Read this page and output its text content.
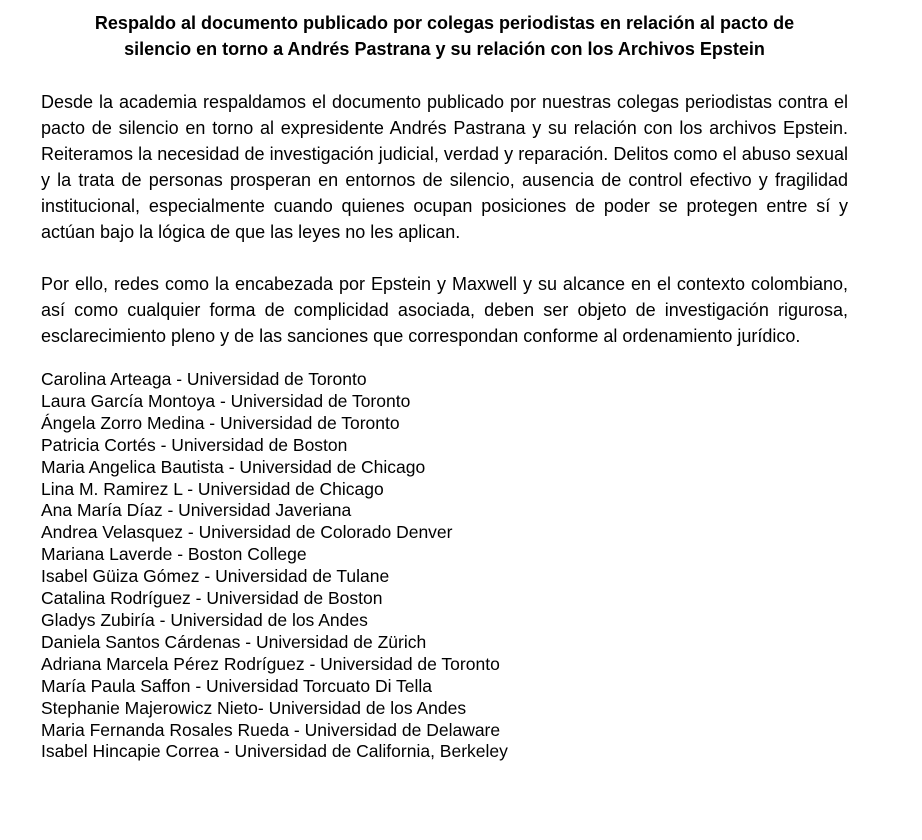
Respaldo al documento publicado por colegas periodistas en relación al pacto de
silencio en torno a Andrés Pastrana y su relación con los Archivos Epstein

Desde la academia respaldamos el documento publicado por nuestras colegas periodistas contra el pacto de silencio en torno al expresidente Andrés Pastrana y su relación con los archivos Epstein. Reiteramos la necesidad de investigación judicial, verdad y reparación. Delitos como el abuso sexual y la trata de personas prosperan en entornos de silencio, ausencia de control efectivo y fragilidad institucional, especialmente cuando quienes ocupan posiciones de poder se protegen entre sí y actúan bajo la lógica de que las leyes no les aplican.

Por ello, redes como la encabezada por Epstein y Maxwell y su alcance en el contexto colombiano, así como cualquier forma de complicidad asociada, deben ser objeto de investigación rigurosa, esclarecimiento pleno y de las sanciones que correspondan conforme al ordenamiento jurídico.

Carolina Arteaga - Universidad de Toronto
Laura García Montoya - Universidad de Toronto
Ángela Zorro Medina - Universidad de Toronto
Patricia Cortés - Universidad de Boston
Maria Angelica Bautista - Universidad de Chicago
Lina M. Ramirez L - Universidad de Chicago
Ana María Díaz - Universidad Javeriana
Andrea Velasquez - Universidad de Colorado Denver
Mariana Laverde - Boston College
Isabel Güiza Gómez - Universidad de Tulane
Catalina Rodríguez - Universidad de Boston
Gladys Zubiría - Universidad de los Andes
Daniela Santos Cárdenas - Universidad de Zürich
Adriana Marcela Pérez Rodríguez - Universidad de Toronto
María Paula Saffon - Universidad Torcuato Di Tella
Stephanie Majerowicz Nieto- Universidad de los Andes
Maria Fernanda Rosales Rueda - Universidad de Delaware
Isabel Hincapie Correa - Universidad de California, Berkeley
